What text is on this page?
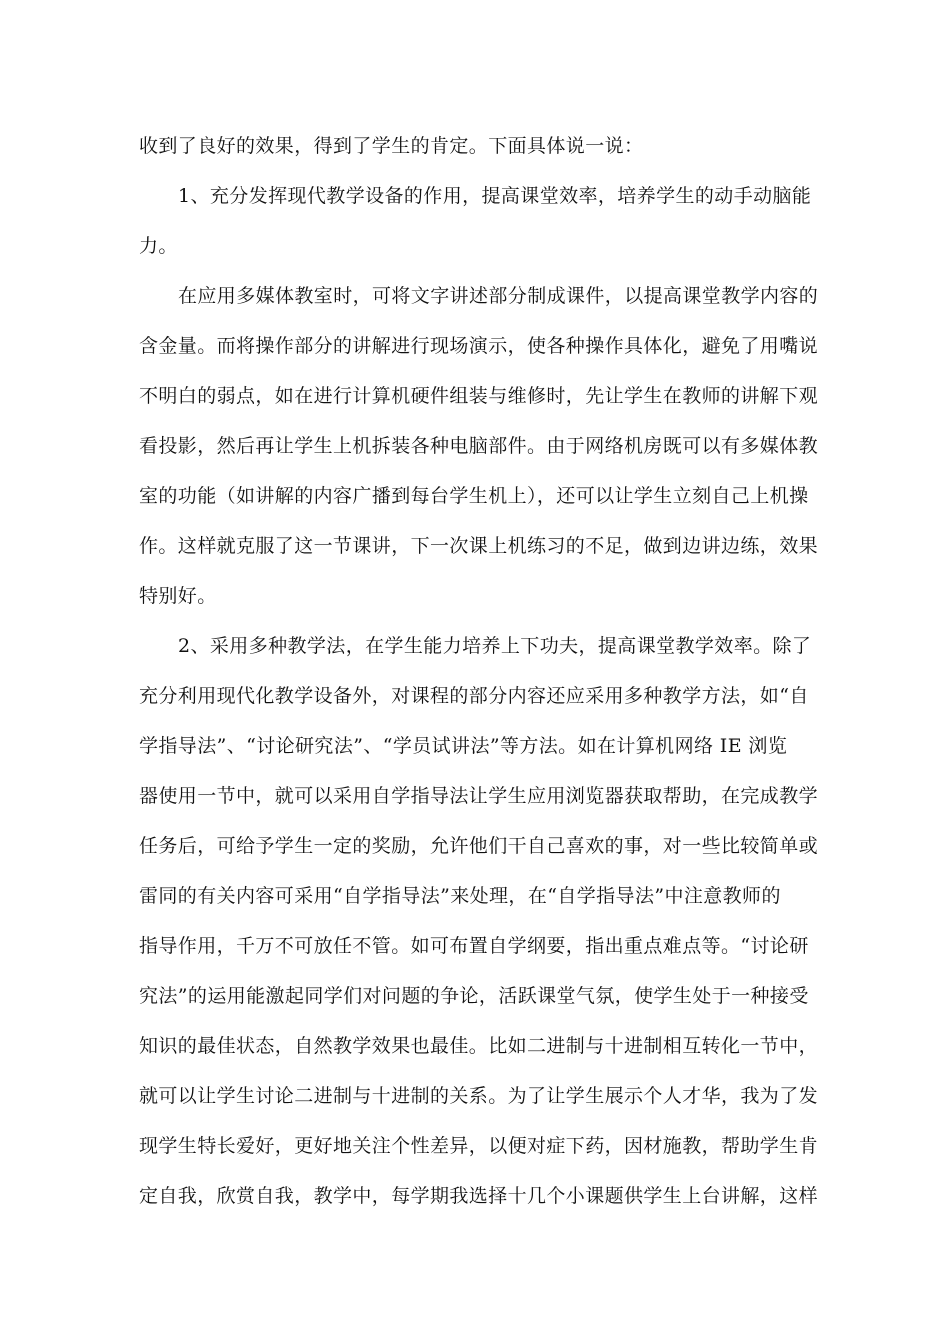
收到了良好的效果，得到了学生的肯定。下面具体说一说：
1、充分发挥现代教学设备的作用，提高课堂效率，培养学生的动手动脑能
力。
在应用多媒体教室时，可将文字讲述部分制成课件，以提高课堂教学内容的
含金量。而将操作部分的讲解进行现场演示，使各种操作具体化，避免了用嘴说
不明白的弱点，如在进行计算机硬件组装与维修时，先让学生在教师的讲解下观
看投影，然后再让学生上机拆装各种电脑部件。由于网络机房既可以有多媒体教
室的功能（如讲解的内容广播到每台学生机上），还可以让学生立刻自己上机操
作。这样就克服了这一节课讲，下一次课上机练习的不足，做到边讲边练，效果
特别好。
2、采用多种教学法，在学生能力培养上下功夫，提高课堂教学效率。除了
充分利用现代化教学设备外，对课程的部分内容还应采用多种教学方法，如“自
学指导法”、“讨论研究法”、“学员试讲法”等方法。如在计算机网络 IE 浏览
器使用一节中，就可以采用自学指导法让学生应用浏览器获取帮助，在完成教学
任务后，可给予学生一定的奖励，允许他们干自己喜欢的事，对一些比较简单或
雷同的有关内容可采用“自学指导法”来处理，在“自学指导法”中注意教师的
指导作用，千万不可放任不管。如可布置自学纲要，指出重点难点等。“讨论研
究法”的运用能激起同学们对问题的争论，活跃课堂气氛，使学生处于一种接受
知识的最佳状态，自然教学效果也最佳。比如二进制与十进制相互转化一节中，
就可以让学生讨论二进制与十进制的关系。为了让学生展示个人才华，我为了发
现学生特长爱好，更好地关注个性差异，以便对症下药，因材施教，帮助学生肯
定自我，欣赏自我，教学中，每学期我选择十几个小课题供学生上台讲解，这样
